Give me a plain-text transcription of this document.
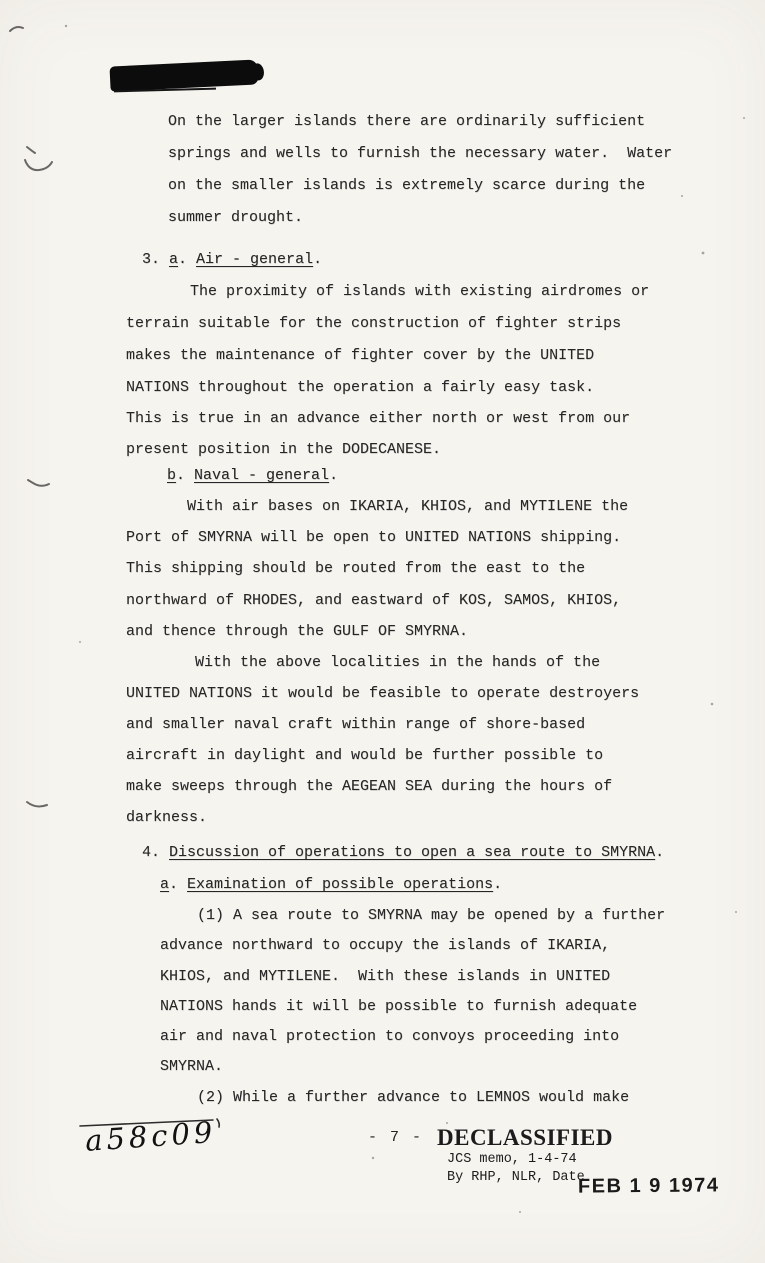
On the larger islands there are ordinarily sufficient
springs and wells to furnish the necessary water.  Water
on the smaller islands is extremely scarce during the
summer drought.
3. a. Air - general.
The proximity of islands with existing airdromes or
terrain suitable for the construction of fighter strips
makes the maintenance of fighter cover by the UNITED
NATIONS throughout the operation a fairly easy task.
This is true in an advance either north or west from our
present position in the DODECANESE.
b. Naval - general.
With air bases on IKARIA, KHIOS, and MYTILENE the
Port of SMYRNA will be open to UNITED NATIONS shipping.
This shipping should be routed from the east to the
northward of RHODES, and eastward of KOS, SAMOS, KHIOS,
and thence through the GULF OF SMYRNA.
With the above localities in the hands of the
UNITED NATIONS it would be feasible to operate destroyers
and smaller naval craft within range of shore-based
aircraft in daylight and would be further possible to
make sweeps through the AEGEAN SEA during the hours of
darkness.
4. Discussion of operations to open a sea route to SMYRNA.
a. Examination of possible operations.
(1) A sea route to SMYRNA may be opened by a further
advance northward to occupy the islands of IKARIA,
KHIOS, and MYTILENE.  With these islands in UNITED
NATIONS hands it will be possible to furnish adequate
air and naval protection to convoys proceeding into
SMYRNA.
(2) While a further advance to LEMNOS would make
a58c09	- 7 - DECLASSIFIED
JCS memo, 1-4-74
By RHP, NLR, Date
FEB 1 9 1974
